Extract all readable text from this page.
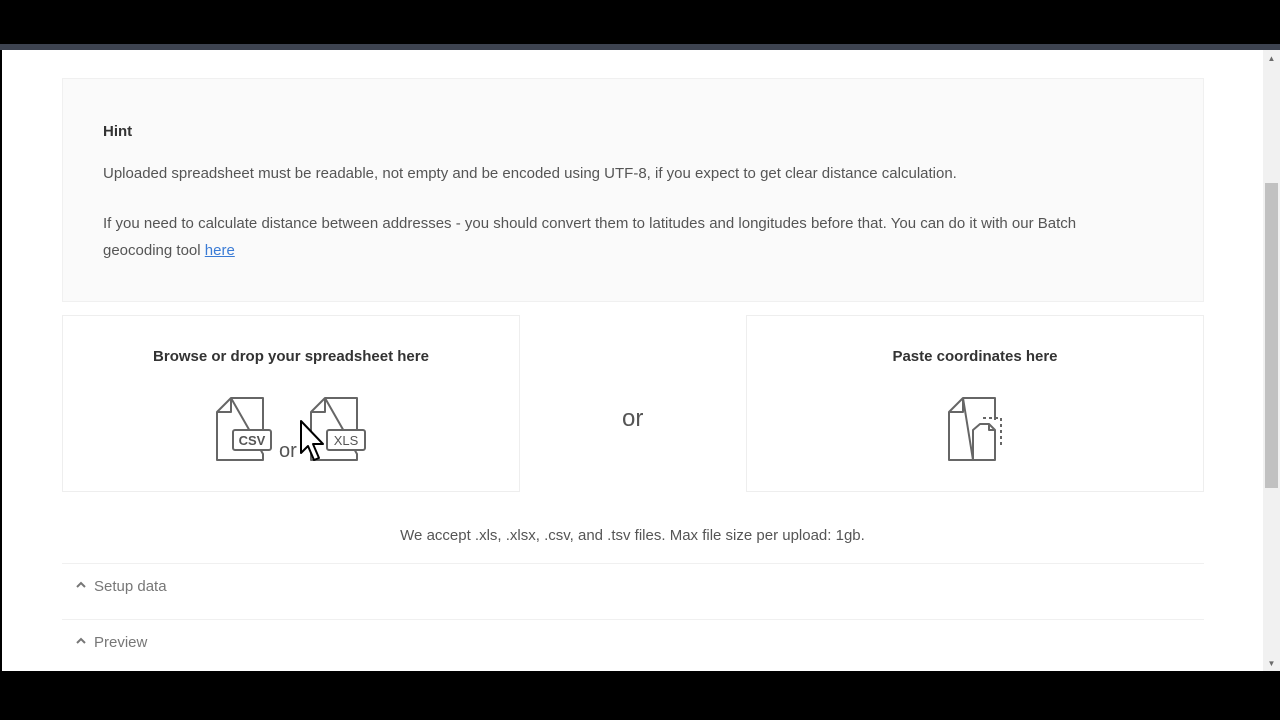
Hint
Uploaded spreadsheet must be readable, not empty and be encoded using UTF-8, if you expect to get clear distance calculation.
If you need to calculate distance between addresses - you should convert them to latitudes and longitudes before that. You can do it with our Batch geocoding tool here
Browse or drop your spreadsheet here
CSV or	XLS
or
Paste coordinates here
We accept .xls, .xlsx, .csv, and .tsv files. Max file size per upload: 1gb.
Setup data
Preview
▲
▼
